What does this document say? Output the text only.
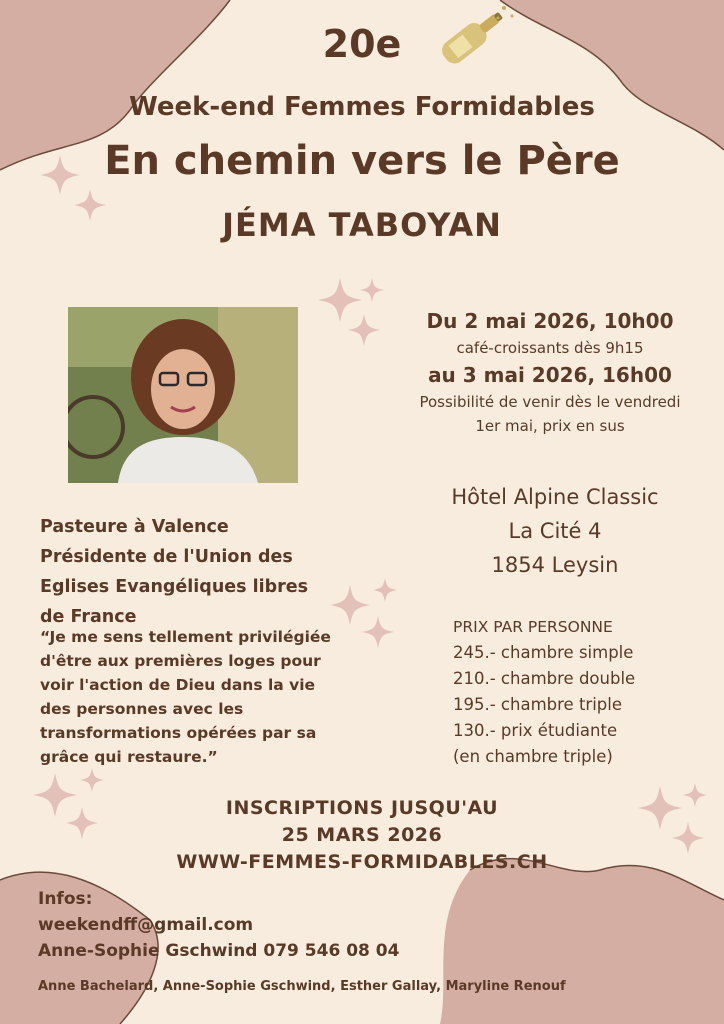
20e
Week-end Femmes Formidables
En chemin vers le Père
JÉMA TABOYAN
Du 2 mai 2026, 10h00
café-croissants dès 9h15
au 3 mai 2026, 16h00
Possibilité de venir dès le vendredi
1er mai, prix en sus
Pasteure à Valence
Présidente de l'Union des
Eglises Evangéliques libres
de France
“Je me sens tellement privilégiée
d'être aux premières loges pour
voir l'action de Dieu dans la vie
des personnes avec les
transformations opérées par sa
grâce qui restaure.”
Hôtel Alpine Classic
La Cité 4
1854 Leysin
PRIX PAR PERSONNE
245.- chambre simple
210.- chambre double
195.- chambre triple
130.- prix étudiante
(en chambre triple)
INSCRIPTIONS JUSQU'AU
25 MARS 2026
WWW-FEMMES-FORMIDABLES.CH
Infos:
weekendff@gmail.com
Anne-Sophie Gschwind 079 546 08 04
Anne Bachelard, Anne-Sophie Gschwind, Esther Gallay, Maryline Renouf
